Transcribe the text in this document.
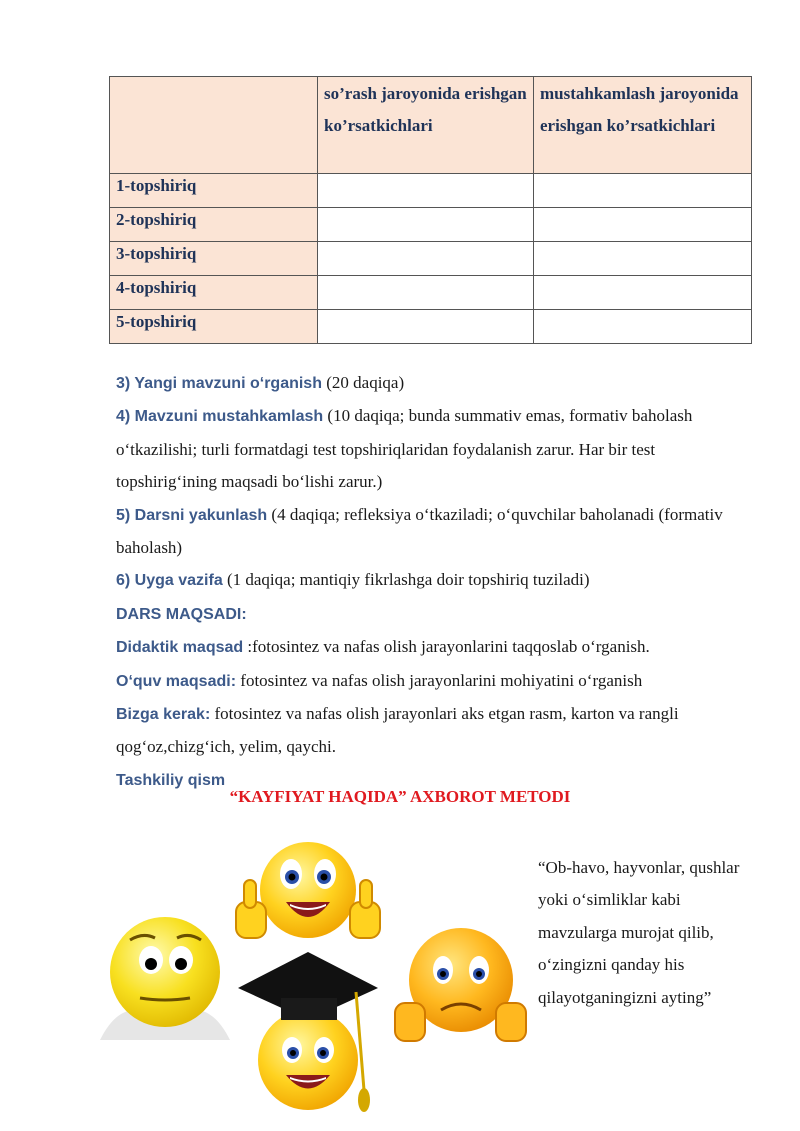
	so’rash jaroyonida erishgan ko’rsatkichlari	mustahkamlash jaroyonida erishgan ko’rsatkichlari
1-topshiriq		
2-topshiriq		
3-topshiriq		
4-topshiriq		
5-topshiriq		

3) Yangi mavzuni o‘rganish (20 daqiqa)

4) Mavzuni mustahkamlash (10 daqiqa; bunda summativ emas, formativ baholash o‘tkazilishi; turli formatdagi test topshiriqlaridan foydalanish zarur. Har bir test topshirig‘ining maqsadi bo‘lishi zarur.)

5) Darsni yakunlash (4 daqiqa; refleksiya o‘tkaziladi; o‘quvchilar baholanadi (formativ baholash)

6) Uyga vazifa (1 daqiqa; mantiqiy fikrlashga doir topshiriq tuziladi)

DARS MAQSADI:

Didaktik maqsad :fotosintez va nafas olish jarayonlarini taqqoslab o‘rganish.

O‘quv maqsadi: fotosintez va nafas olish jarayonlarini mohiyatini o‘rganish

Bizga kerak: fotosintez va nafas olish jarayonlari aks etgan rasm, karton va rangli qog‘oz,chizg‘ich, yelim, qaychi.

Tashkiliy qism

“KAYFIYAT HAQIDA” AXBOROT METODI
“Ob-havo, hayvonlar, qushlar yoki o‘simliklar kabi mavzularga murojat qilib, o‘zingizni qanday his qilayotganingizni ayting”
